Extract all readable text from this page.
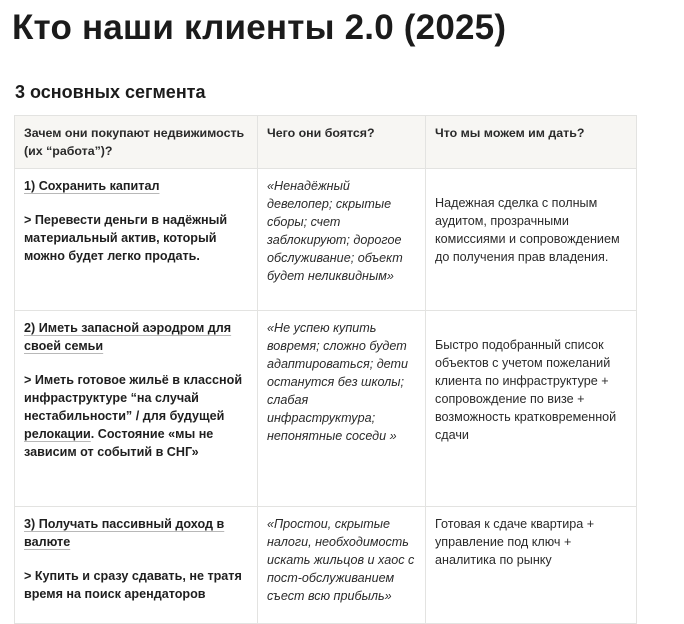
Кто наши клиенты 2.0 (2025)
3 основных сегмента
Зачем они покупают недвижимость (их “работа”)?	Чего они боятся?	Что мы можем им дать?
1) Сохранить капитал
> Перевести деньги в надёжный материальный актив, который можно будет легко продать.	«Ненадёжный девелопер; скрытые сборы; счет заблокируют; дорогое обслуживание; объект будет неликвидным»	Надежная сделка с полным аудитом, прозрачными комиссиями и сопровождением до получения прав владения.

2) Иметь запасной аэродром для своей семьи
> Иметь готовое жильё в классной инфраструктуре “на случай нестабильности” / для будущей релокации. Состояние «мы не зависим от событий в СНГ»	«Не успею купить вовремя; сложно будет адаптироваться; дети останутся без школы; слабая инфраструктура; непонятные соседи »	Быстро подобранный список объектов с учетом пожеланий клиента по инфраструктуре + сопровождение по визе + возможность кратковременной сдачи

3) Получать пассивный доход в валюте
> Купить и сразу сдавать, не тратя время на поиск арендаторов	«Простои, скрытые налоги, необходимость искать жильцов и хаос с пост-обслуживанием съест всю прибыль»	Готовая к сдаче квартира + управление под ключ + аналитика по рынку
